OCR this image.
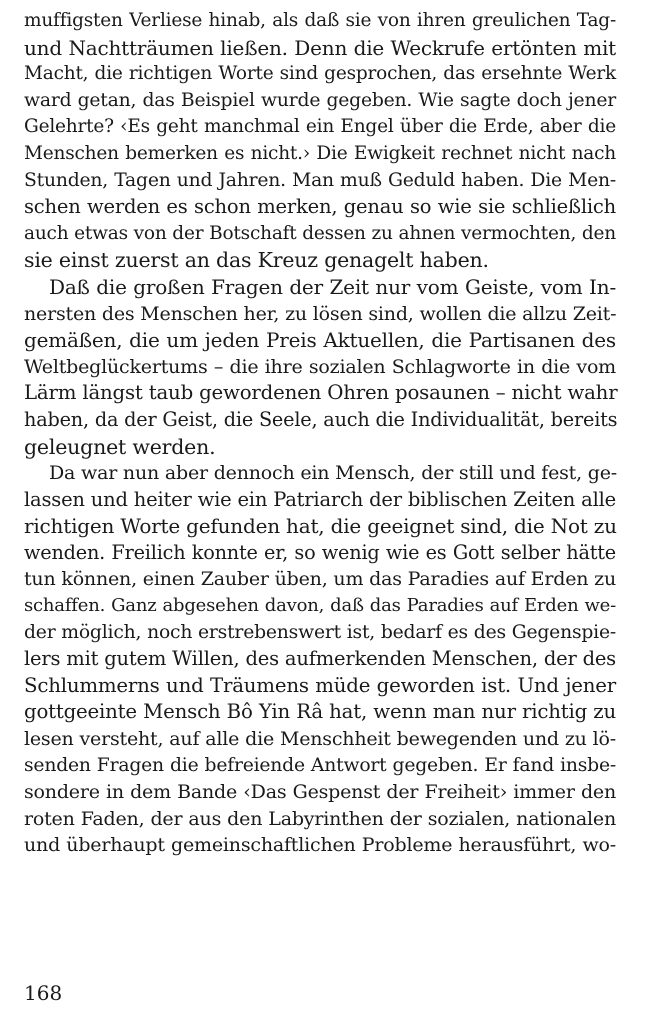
muffigsten Verliese hinab, als daß sie von ihren greulichen Tag-
und Nachtträumen ließen. Denn die Weckrufe ertönten mit
Macht, die richtigen Worte sind gesprochen, das ersehnte Werk
ward getan, das Beispiel wurde gegeben. Wie sagte doch jener
Gelehrte? ‹Es geht manchmal ein Engel über die Erde, aber die
Menschen bemerken es nicht.› Die Ewigkeit rechnet nicht nach
Stunden, Tagen und Jahren. Man muß Geduld haben. Die Men-
schen werden es schon merken, genau so wie sie schließlich
auch etwas von der Botschaft dessen zu ahnen vermochten, den
sie einst zuerst an das Kreuz genagelt haben.
Daß die großen Fragen der Zeit nur vom Geiste, vom In-
nersten des Menschen her, zu lösen sind, wollen die allzu Zeit-
gemäßen, die um jeden Preis Aktuellen, die Partisanen des
Weltbeglückertums – die ihre sozialen Schlagworte in die vom
Lärm längst taub gewordenen Ohren posaunen – nicht wahr
haben, da der Geist, die Seele, auch die Individualität, bereits
geleugnet werden.
Da war nun aber dennoch ein Mensch, der still und fest, ge-
lassen und heiter wie ein Patriarch der biblischen Zeiten alle
richtigen Worte gefunden hat, die geeignet sind, die Not zu
wenden. Freilich konnte er, so wenig wie es Gott selber hätte
tun können, einen Zauber üben, um das Paradies auf Erden zu
schaffen. Ganz abgesehen davon, daß das Paradies auf Erden we-
der möglich, noch erstrebenswert ist, bedarf es des Gegenspie-
lers mit gutem Willen, des aufmerkenden Menschen, der des
Schlummerns und Träumens müde geworden ist. Und jener
gottgeeinte Mensch Bô Yin Râ hat, wenn man nur richtig zu
lesen versteht, auf alle die Menschheit bewegenden und zu lö-
senden Fragen die befreiende Antwort gegeben. Er fand insbe-
sondere in dem Bande ‹Das Gespenst der Freiheit› immer den
roten Faden, der aus den Labyrinthen der sozialen, nationalen
und überhaupt gemeinschaftlichen Probleme herausführt, wo-
168
